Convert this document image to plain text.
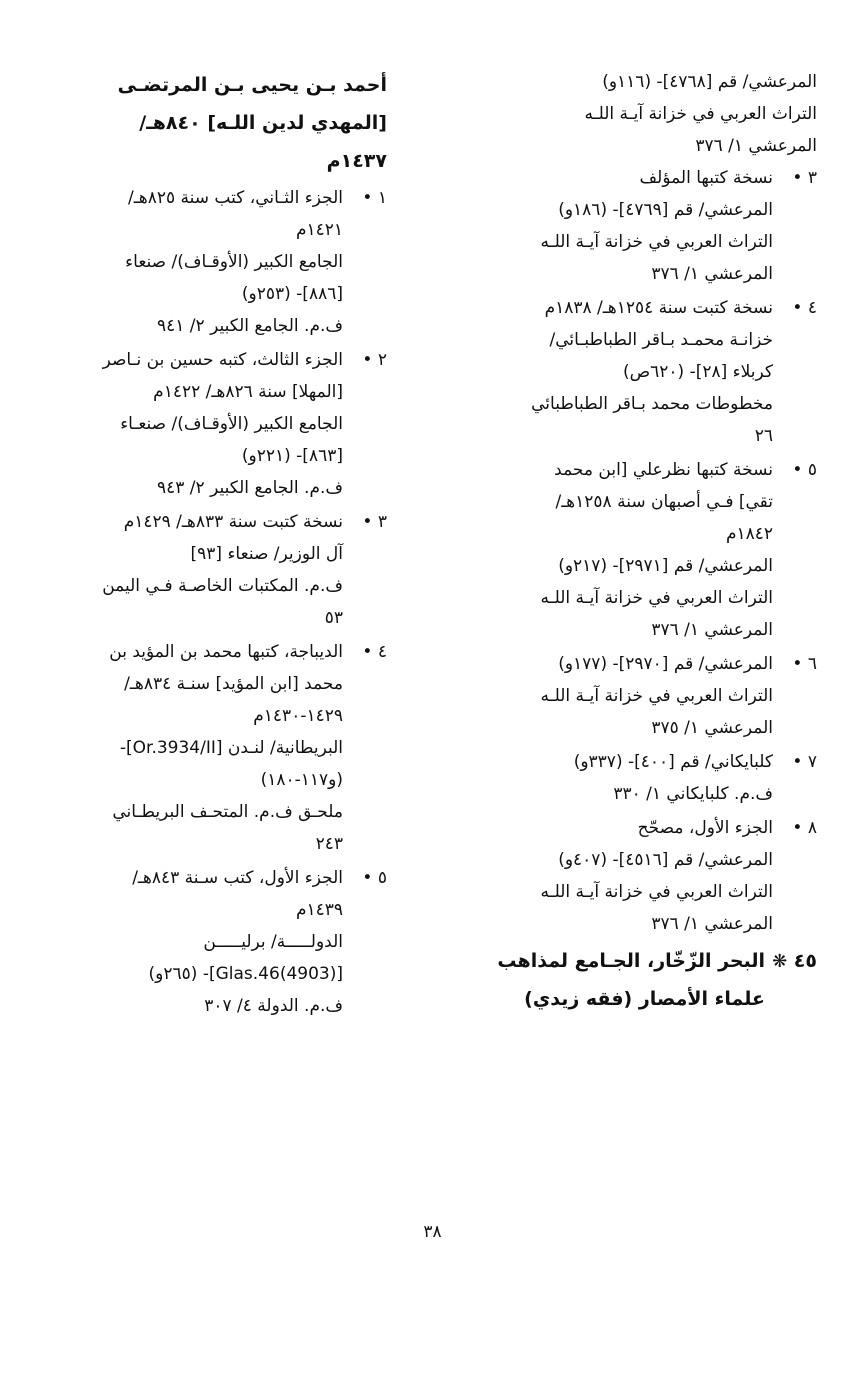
المرعشي/ قم [٤٧٦٨]- (١١٦و)
التراث العربي في خزانة آيـة اللـه
المرعشي ١/ ٣٧٦
٣ •
نسخة كتبها المؤلف
المرعشي/ قم [٤٧٦٩]- (١٨٦و)
التراث العربي في خزانة آيـة اللـه
المرعشي ١/ ٣٧٦
٤ •
نسخة كتبت سنة ١٢٥٤هـ/ ١٨٣٨م
خزانـة محمـد بـاقر الطباطبـائي/
كربلاء [٢٨]- (٦٢٠ص)
مخطوطات محمد بـاقر الطباطبائي
٢٦
٥ •
نسخة كتبها نظرعلي [ابن محمد
تقي] فـي أصبهان سنة ١٢٥٨هـ/
١٨٤٢م
المرعشي/ قم [٢٩٧١]- (٢١٧و)
التراث العربي في خزانة آيـة اللـه
المرعشي ١/ ٣٧٦
٦ •
المرعشي/ قم [٢٩٧٠]- (١٧٧و)
التراث العربي في خزانة آيـة اللـه
المرعشي ١/ ٣٧٥
٧ •
كلبايكاني/ قم [٤٠٠]- (٣٣٧و)
ف.م. كلبايكاني ١/ ٣٣٠
٨ •
الجزء الأول، مصحّح
المرعشي/ قم [٤٥١٦]- (٤٠٧و)
التراث العربي في خزانة آيـة اللـه
المرعشي ١/ ٣٧٦
٤٥ ❋
البحر الزّخّار، الجـامع لمذاهب
علماء الأمصار (فقه زيدي)
أحمد بـن يحيى بـن المرتضـى
[المهدي لدين اللـه] ٨٤٠هـ/
١٤٣٧م
١ •
الجزء الثـاني، كتب سنة ٨٢٥هـ/
١٤٢١م
الجامع الكبير (الأوقـاف)/ صنعاء
[٨٨٦]- (٢٥٣و)
ف.م. الجامع الكبير ٢/ ٩٤١
٢ •
الجزء الثالث، كتبه حسين بن نـاصر
[المهلا] سنة ٨٢٦هـ/ ١٤٢٢م
الجامع الكبير (الأوقـاف)/ صنعـاء
[٨٦٣]- (٢٢١و)
ف.م. الجامع الكبير ٢/ ٩٤٣
٣ •
نسخة كتبت سنة ٨٣٣هـ/ ١٤٢٩م
آل الوزير/ صنعاء [٩٣]
ف.م. المكتبات الخاصـة فـي اليمن
٥٣
٤ •
الديباجة، كتبها محمد بن المؤيد بن
محمد [ابن المؤيد] سنـة ٨٣٤هـ/
١٤٢٩-١٤٣٠م
البريطانية/ لنـدن [Or.3934/II]-
(و١١٧-١٨٠)
ملحـق ف.م. المتحـف البريطـاني
٢٤٣
٥ •
الجزء الأول، كتب سـنة ٨٤٣هـ/
١٤٣٩م
الدولـــــة/ برليـــــن
[Glas.46(4903)]- (٢٦٥و)
ف.م. الدولة ٤/ ٣٠٧
٣٨
